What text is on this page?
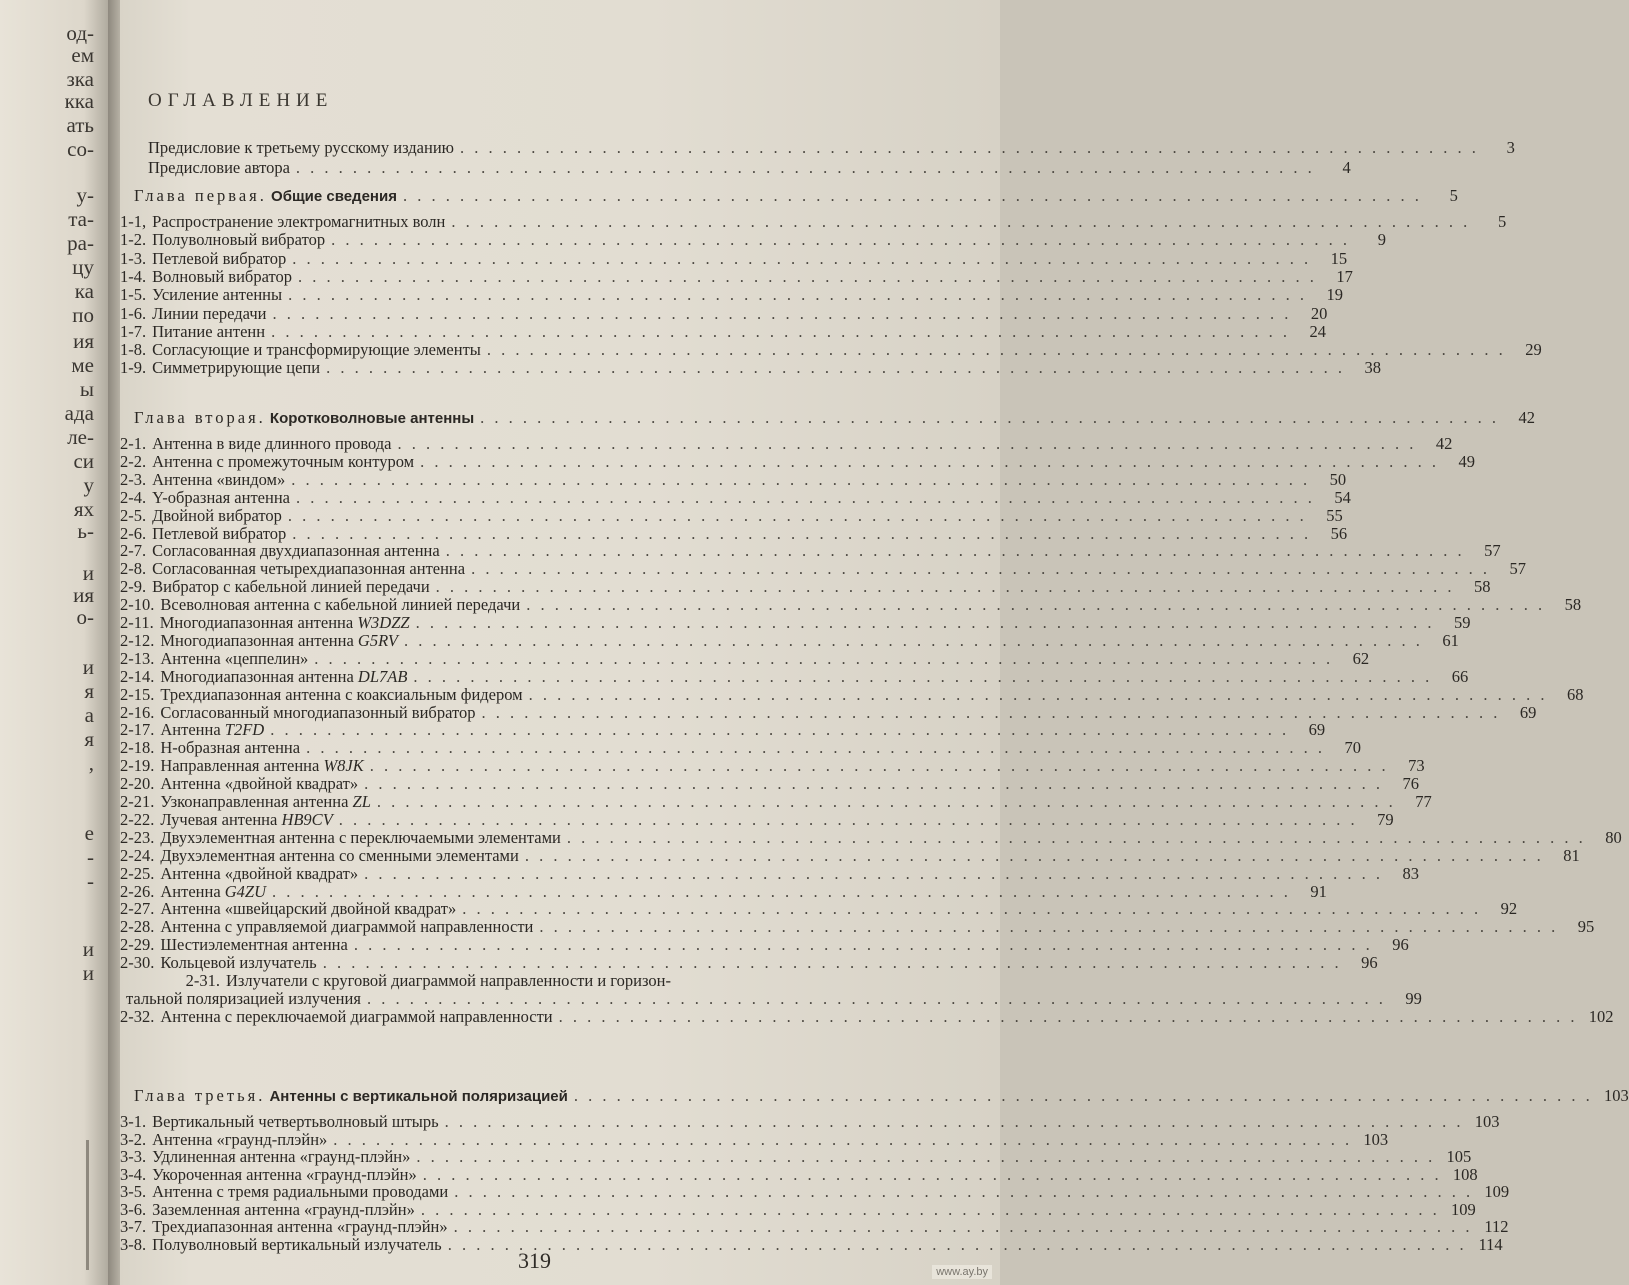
од-
ем
зка
кка
ать
со-
у-
та-
ра-
цу
ка
по
ия
ме
ы
ада
ле-
си
у
ях
ь-
и
ия
о-
и
я
а
я
,
е
-
-
и
и
ОГЛАВЛЕНИЕ
319
Предисловие к третьему русскому изданию . . .	3
Предисловие автора . . .	4
Глава первая. Общие сведения . . .	5
1-1, Распространение электромагнитных волн . . .	5
1-2. Полуволновый вибратор . . .	9
1-3. Петлевой вибратор . . .	15
1-4. Волновый вибратор . . .	17
1-5. Усиление антенны . . .	19
1-6. Линии передачи . . .	20
1-7. Питание антенн . . .	24
1-8. Согласующие и трансформирующие элементы . . .	29
1-9. Симметрирующие цепи . . .	38
Глава вторая. Коротковолновые антенны . . .	42
2-1. Антенна в виде длинного провода . . .	42
2-2. Антенна с промежуточным контуром . . .	49
2-3. Антенна «виндом» . . .	50
2-4. Y-образная антенна . . .	54
2-5. Двойной вибратор . . .	55
2-6. Петлевой вибратор . . .	56
2-7. Согласованная двухдиапазонная антенна . . .	57
2-8. Согласованная четырехдиапазонная антенна . . .	57
2-9. Вибратор с кабельной линией передачи . . .	58
2-10. Всеволновая антенна с кабельной линией передачи . . .	58
2-11. Многодиапазонная антенна W3DZZ . . .	59
2-12. Многодиапазонная антенна G5RV . . .	61
2-13. Антенна «цеппелин» . . .	62
2-14. Многодиапазонная антенна DL7AB . . .	66
2-15. Трехдиапазонная антенна с коаксиальным фидером . . .	68
2-16. Согласованный многодиапазонный вибратор . . .	69
2-17. Антенна T2FD . . .	69
2-18. Н-образная антенна . . .	70
2-19. Направленная антенна W8JK . . .	73
2-20. Антенна «двойной квадрат» . . .	76
2-21. Узконаправленная антенна ZL . . .	77
2-22. Лучевая антенна HB9CV . . .	79
2-23. Двухэлементная антенна с переключаемыми элементами . . .	80
2-24. Двухэлементная антенна со сменными элементами . . .	81
2-25. Антенна «двойной квадрат» . . .	83
2-26. Антенна G4ZU . . .	91
2-27. Антенна «швейцарский двойной квадрат» . . .	92
2-28. Антенна с управляемой диаграммой направленности . . .	95
2-29. Шестиэлементная антенна . . .	96
2-30. Кольцевой излучатель . . .	96
2-31. Излучатели с круговой диаграммой направленности и горизон-
тальной поляризацией излучения . . .	99
2-32. Антенна с переключаемой диаграммой направленности . . .	102
Глава третья. Антенны с вертикальной поляризацией . . .	103
3-1. Вертикальный четвертьволновый штырь . . .	103
3-2. Антенна «граунд-плэйн» . . .	103
3-3. Удлиненная антенна «граунд-плэйн» . . .	105
3-4. Укороченная антенна «граунд-плэйн» . . .	108
3-5. Антенна с тремя радиальными проводами . . .	109
3-6. Заземленная антенна «граунд-плэйн» . . .	109
3-7. Трехдиапазонная антенна «граунд-плэйн» . . .	112
3-8. Полуволновый вертикальный излучатель . . .	114
www.ay.by
